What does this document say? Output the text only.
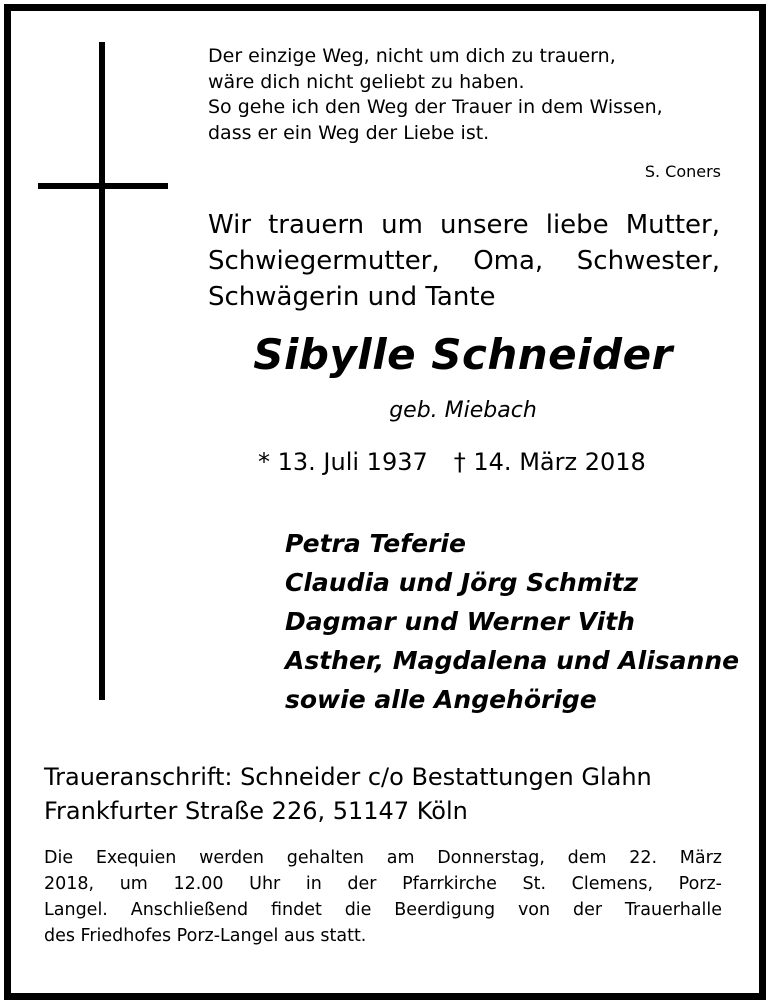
Der einzige Weg, nicht um dich zu trauern,
wäre dich nicht geliebt zu haben.
So gehe ich den Weg der Trauer in dem Wissen,
dass er ein Weg der Liebe ist.
S. Coners
Wir trauern um unsere liebe Mutter,
Schwiegermutter, Oma, Schwester,
Schwägerin und Tante
Sibylle Schneider
geb. Miebach
* 13. Juli 1937 † 14. März 2018
Petra Teferie
Claudia und Jörg Schmitz
Dagmar und Werner Vith
Asther, Magdalena und Alisanne
sowie alle Angehörige
Traueranschrift: Schneider c/o Bestattungen Glahn
Frankfurter Straße 226, 51147 Köln
Die Exequien werden gehalten am Donnerstag, dem 22. März
2018, um 12.00 Uhr in der Pfarrkirche St. Clemens, Porz-
Langel. Anschließend findet die Beerdigung von der Trauerhalle
des Friedhofes Porz-Langel aus statt.
